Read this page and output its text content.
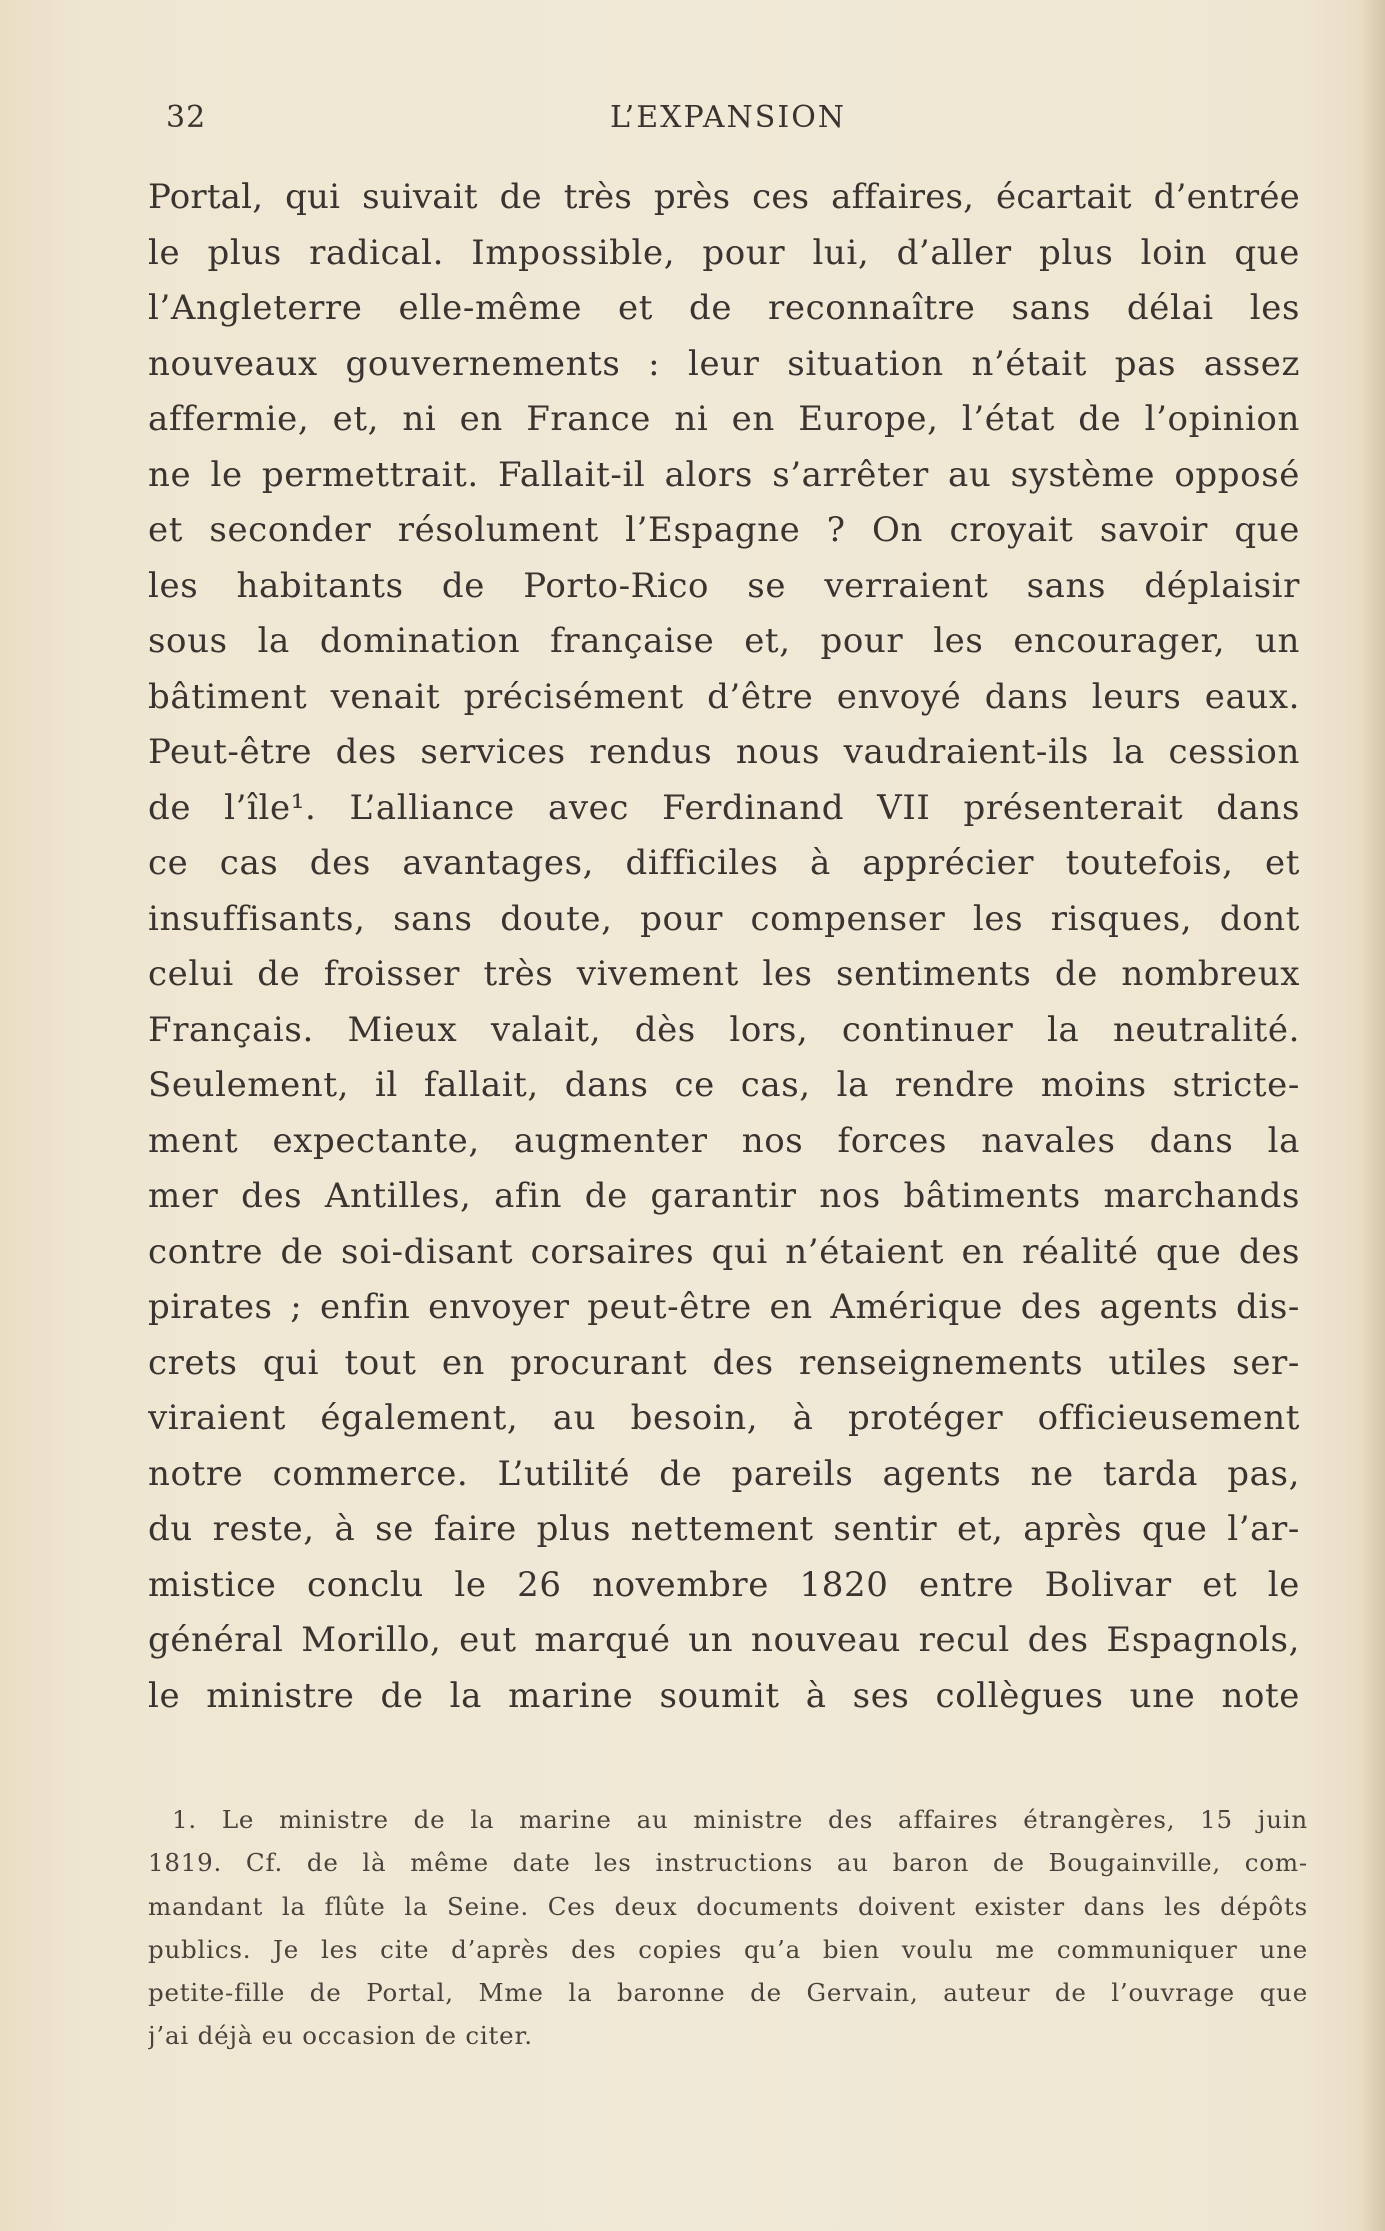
32	L’EXPANSION
Portal, qui suivait de très près ces affaires, écartait d’entrée
le plus radical. Impossible, pour lui, d’aller plus loin que
l’Angleterre elle-même et de reconnaître sans délai les
nouveaux gouvernements : leur situation n’était pas assez
affermie, et, ni en France ni en Europe, l’état de l’opinion
ne le permettrait. Fallait-il alors s’arrêter au système opposé
et seconder résolument l’Espagne ? On croyait savoir que
les habitants de Porto-Rico se verraient sans déplaisir
sous la domination française et, pour les encourager, un
bâtiment venait précisément d’être envoyé dans leurs eaux.
Peut-être des services rendus nous vaudraient-ils la cession
de l’île¹. L’alliance avec Ferdinand VII présenterait dans
ce cas des avantages, difficiles à apprécier toutefois, et
insuffisants, sans doute, pour compenser les risques, dont
celui de froisser très vivement les sentiments de nombreux
Français. Mieux valait, dès lors, continuer la neutralité.
Seulement, il fallait, dans ce cas, la rendre moins stricte-
ment expectante, augmenter nos forces navales dans la
mer des Antilles, afin de garantir nos bâtiments marchands
contre de soi-disant corsaires qui n’étaient en réalité que des
pirates ; enfin envoyer peut-être en Amérique des agents dis-
crets qui tout en procurant des renseignements utiles ser-
viraient également, au besoin, à protéger officieusement
notre commerce. L’utilité de pareils agents ne tarda pas,
du reste, à se faire plus nettement sentir et, après que l’ar-
mistice conclu le 26 novembre 1820 entre Bolivar et le
général Morillo, eut marqué un nouveau recul des Espagnols,
le ministre de la marine soumit à ses collègues une note
1. Le ministre de la marine au ministre des affaires étrangères, 15 juin
1819. Cf. de là même date les instructions au baron de Bougainville, com-
mandant la flûte la Seine. Ces deux documents doivent exister dans les dépôts
publics. Je les cite d’après des copies qu’a bien voulu me communiquer une
petite-fille de Portal, Mme la baronne de Gervain, auteur de l’ouvrage que
j’ai déjà eu occasion de citer.
